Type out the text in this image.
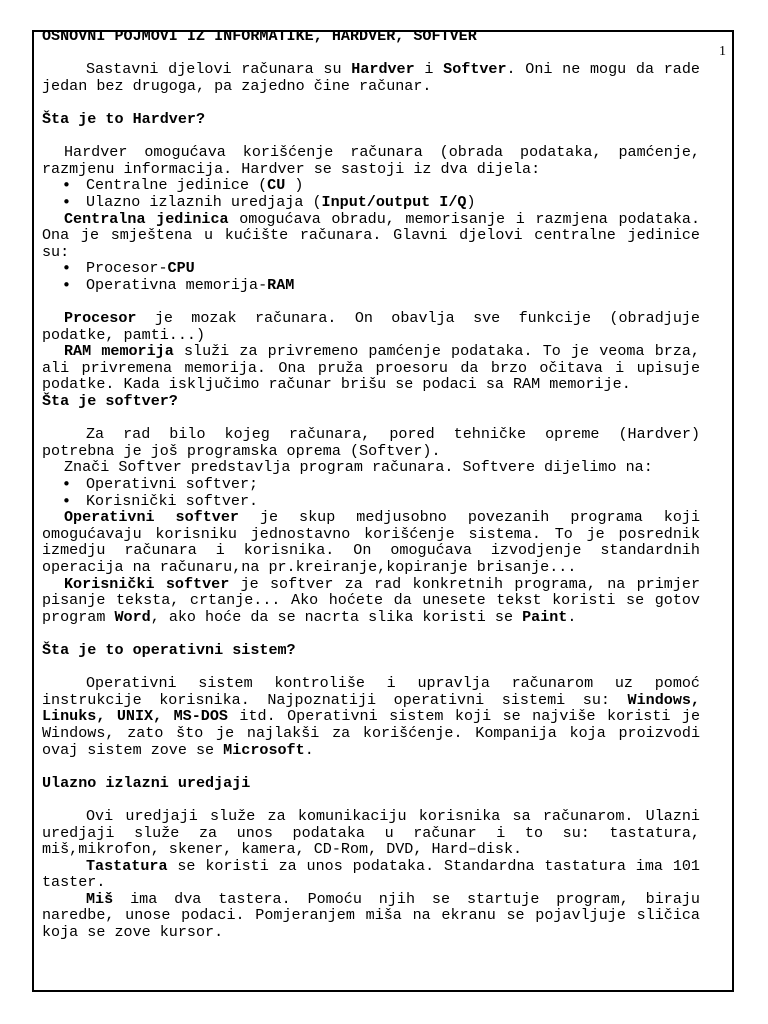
1

OSNOVNI POJMOVI IZ INFORMATIKE, HARDVER, SOFTVER

Sastavni djelovi računara su Hardver i Softver. Oni ne mogu da rade jedan bez drugoga, pa zajedno čine računar.

Šta je to Hardver?

Hardver omogućava korišćenje računara (obrada podataka, pamćenje, razmjenu informacija. Hardver se sastoji iz dva dijela:

• Centralne jedinice (CU )
• Ulazno izlaznih uredjaja (Input/output I/Q)

Centralna jedinica omogućava obradu, memorisanje i razmjena podataka. Ona je smještena u kućište računara. Glavni djelovi centralne jedinice su:

• Procesor-CPU
• Operativna memorija-RAM

Procesor je mozak računara. On obavlja sve funkcije (obradjuje podatke, pamti...)

RAM memorija služi za privremeno pamćenje podataka. To je veoma brza, ali privremena memorija. Ona pruža proesoru da brzo očitava i upisuje podatke. Kada isključimo računar brišu se podaci sa RAM memorije.

Šta je softver?

Za rad bilo kojeg računara, pored tehničke opreme (Hardver) potrebna je još programska oprema (Softver).

Znači Softver predstavlja program računara. Softvere dijelimo na:

• Operativni softver;
• Korisnički softver.

Operativni softver je skup medjusobno povezanih programa koji omogućavaju korisniku jednostavno korišćenje sistema. To je posrednik izmedju računara i korisnika. On omogućava izvodjenje standardnih operacija na računaru,na pr.kreiranje,kopiranje brisanje...

Korisnički softver je softver za rad konkretnih programa, na primjer pisanje teksta, crtanje... Ako hoćete da unesete tekst koristi se gotov program Word, ako hoće da se nacrta slika koristi se Paint.

Šta je to operativni sistem?

Operativni sistem kontroliše i upravlja računarom uz pomoć instrukcije korisnika. Najpoznatiji operativni sistemi su: Windows, Linuks, UNIX, MS-DOS itd. Operativni sistem koji se najviše koristi je Windows, zato što je najlakši za korišćenje. Kompanija koja proizvodi ovaj sistem zove se Microsoft.

Ulazno izlazni uredjaji

Ovi uredjaji služe za komunikaciju korisnika sa računarom. Ulazni uredjaji služe za unos podataka u računar i to su: tastatura, miš,mikrofon, skener, kamera, CD-Rom, DVD, Hard–disk.

Tastatura se koristi za unos podataka. Standardna tastatura ima 101 taster.

Miš ima dva tastera. Pomoću njih se startuje program, biraju naredbe, unose podaci. Pomjeranjem miša na ekranu se pojavljuje sličica koja se zove kursor.
